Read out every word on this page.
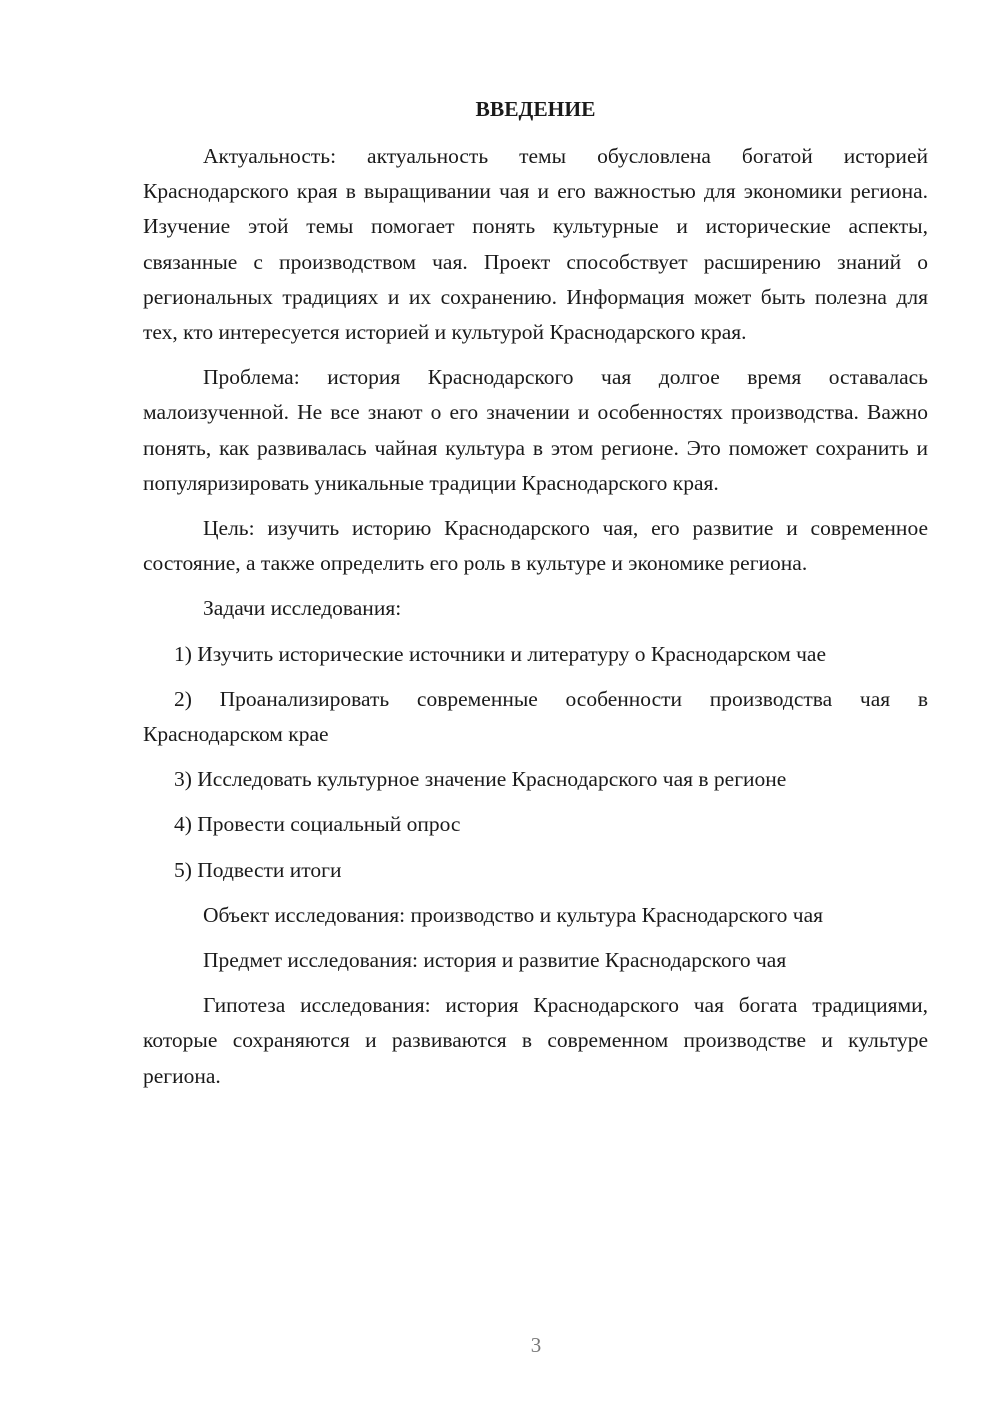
ВВЕДЕНИЕ

Актуальность: актуальность темы обусловлена богатой историей Краснодарского края в выращивании чая и его важностью для экономики региона. Изучение этой темы помогает понять культурные и исторические аспекты, связанные с производством чая. Проект способствует расширению знаний о региональных традициях и их сохранению. Информация может быть полезна для тех, кто интересуется историей и культурой Краснодарского края.

Проблема: история Краснодарского чая долгое время оставалась малоизученной. Не все знают о его значении и особенностях производства. Важно понять, как развивалась чайная культура в этом регионе. Это поможет сохранить и популяризировать уникальные традиции Краснодарского края.

Цель: изучить историю Краснодарского чая, его развитие и современное состояние, а также определить его роль в культуре и экономике региона.

Задачи исследования:

1) Изучить исторические источники и литературу о Краснодарском чае

2) Проанализировать современные особенности производства чая в Краснодарском крае

3) Исследовать культурное значение Краснодарского чая в регионе

4) Провести социальный опрос

5) Подвести итоги

Объект исследования: производство и культура Краснодарского чая

Предмет исследования: история и развитие Краснодарского чая

Гипотеза исследования: история Краснодарского чая богата традициями, которые сохраняются и развиваются в современном производстве и культуре региона.

3
